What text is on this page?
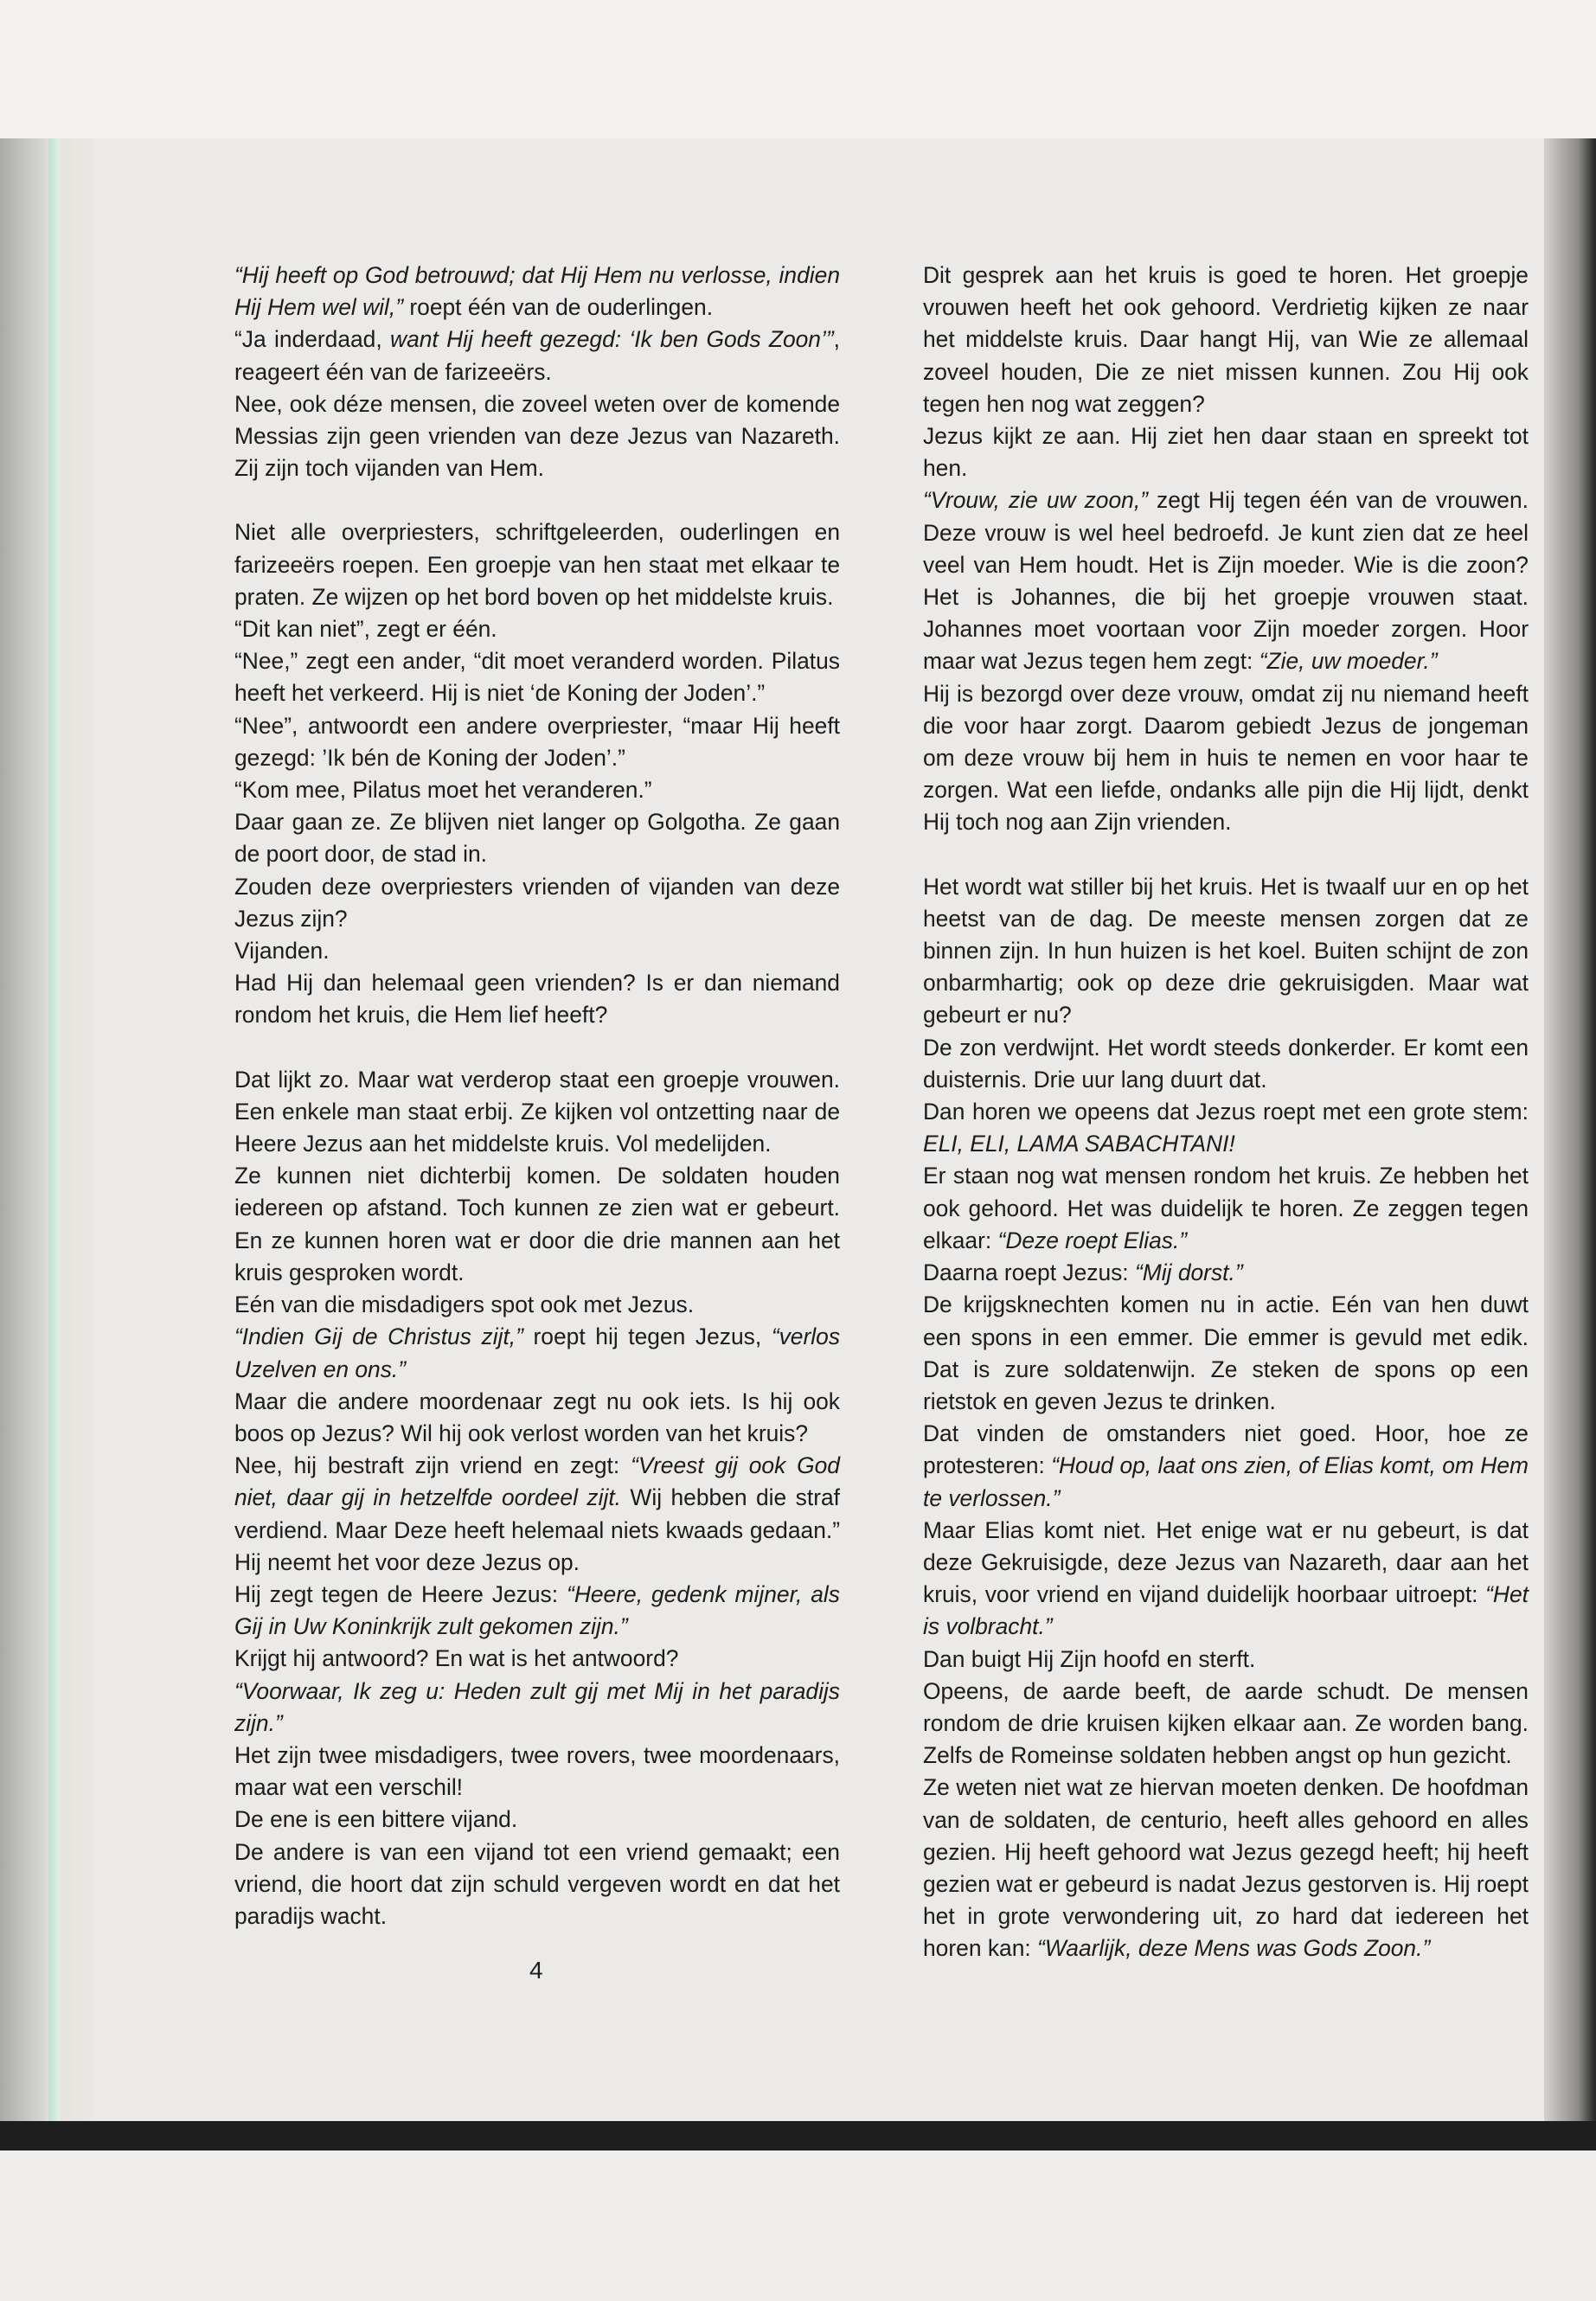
“Hij heeft op God betrouwd; dat Hij Hem nu verlosse, indien Hij Hem wel wil,” roept één van de ouderlingen.

“Ja inderdaad, want Hij heeft gezegd: ‘Ik ben Gods Zoon’”, reageert één van de farizeeërs.

Nee, ook déze mensen, die zoveel weten over de komende Messias zijn geen vrienden van deze Jezus van Nazareth. Zij zijn toch vijanden van Hem.

Niet alle overpriesters, schriftgeleerden, ouderlingen en farizeeërs roepen. Een groepje van hen staat met elkaar te praten. Ze wijzen op het bord boven op het middelste kruis.

“Dit kan niet”, zegt er één.

“Nee,” zegt een ander, “dit moet veranderd worden. Pilatus heeft het verkeerd. Hij is niet ‘de Koning der Joden’.”

“Nee”, antwoordt een andere overpriester, “maar Hij heeft gezegd: ’Ik bén de Koning der Joden’.”

“Kom mee, Pilatus moet het veranderen.”

Daar gaan ze. Ze blijven niet langer op Golgotha. Ze gaan de poort door, de stad in.

Zouden deze overpriesters vrienden of vijanden van deze Jezus zijn?

Vijanden.

Had Hij dan helemaal geen vrienden? Is er dan niemand rondom het kruis, die Hem lief heeft?

Dat lijkt zo. Maar wat verderop staat een groepje vrouwen. Een enkele man staat erbij. Ze kijken vol ontzetting naar de Heere Jezus aan het middelste kruis. Vol medelijden.

Ze kunnen niet dichterbij komen. De soldaten houden iedereen op afstand. Toch kunnen ze zien wat er gebeurt. En ze kunnen horen wat er door die drie mannen aan het kruis gesproken wordt.

Eén van die misdadigers spot ook met Jezus.

“Indien Gij de Christus zijt,” roept hij tegen Jezus, “verlos Uzelven en ons.”

Maar die andere moordenaar zegt nu ook iets. Is hij ook boos op Jezus? Wil hij ook verlost worden van het kruis?

Nee, hij bestraft zijn vriend en zegt: “Vreest gij ook God niet, daar gij in hetzelfde oordeel zijt. Wij hebben die straf verdiend. Maar Deze heeft helemaal niets kwaads gedaan.” Hij neemt het voor deze Jezus op.

Hij zegt tegen de Heere Jezus: “Heere, gedenk mijner, als Gij in Uw Koninkrijk zult gekomen zijn.”

Krijgt hij antwoord? En wat is het antwoord?

“Voorwaar, Ik zeg u: Heden zult gij met Mij in het paradijs zijn.”

Het zijn twee misdadigers, twee rovers, twee moordenaars, maar wat een verschil!

De ene is een bittere vijand.

De andere is van een vijand tot een vriend gemaakt; een vriend, die hoort dat zijn schuld vergeven wordt en dat het paradijs wacht.

Dit gesprek aan het kruis is goed te horen. Het groepje vrouwen heeft het ook gehoord. Verdrietig kijken ze naar het middelste kruis. Daar hangt Hij, van Wie ze allemaal zoveel houden, Die ze niet missen kunnen. Zou Hij ook tegen hen nog wat zeggen?

Jezus kijkt ze aan. Hij ziet hen daar staan en spreekt tot hen.

“Vrouw, zie uw zoon,” zegt Hij tegen één van de vrouwen. Deze vrouw is wel heel bedroefd. Je kunt zien dat ze heel veel van Hem houdt. Het is Zijn moeder. Wie is die zoon? Het is Johannes, die bij het groepje vrouwen staat. Johannes moet voortaan voor Zijn moeder zorgen. Hoor maar wat Jezus tegen hem zegt: “Zie, uw moeder.”

Hij is bezorgd over deze vrouw, omdat zij nu niemand heeft die voor haar zorgt. Daarom gebiedt Jezus de jongeman om deze vrouw bij hem in huis te nemen en voor haar te zorgen. Wat een liefde, ondanks alle pijn die Hij lijdt, denkt Hij toch nog aan Zijn vrienden.

Het wordt wat stiller bij het kruis. Het is twaalf uur en op het heetst van de dag. De meeste mensen zorgen dat ze binnen zijn. In hun huizen is het koel. Buiten schijnt de zon onbarmhartig; ook op deze drie gekruisigden. Maar wat gebeurt er nu?

De zon verdwijnt. Het wordt steeds donkerder. Er komt een duisternis. Drie uur lang duurt dat.

Dan horen we opeens dat Jezus roept met een grote stem: ELI, ELI, LAMA SABACHTANI!

Er staan nog wat mensen rondom het kruis. Ze hebben het ook gehoord. Het was duidelijk te horen. Ze zeggen tegen elkaar: “Deze roept Elias.”

Daarna roept Jezus: “Mij dorst.”

De krijgsknechten komen nu in actie. Eén van hen duwt een spons in een emmer. Die emmer is gevuld met edik. Dat is zure soldatenwijn. Ze steken de spons op een rietstok en geven Jezus te drinken.

Dat vinden de omstanders niet goed. Hoor, hoe ze protesteren: “Houd op, laat ons zien, of Elias komt, om Hem te verlossen.”

Maar Elias komt niet. Het enige wat er nu gebeurt, is dat deze Gekruisigde, deze Jezus van Nazareth, daar aan het kruis, voor vriend en vijand duidelijk hoorbaar uitroept: “Het is volbracht.”

Dan buigt Hij Zijn hoofd en sterft.

Opeens, de aarde beeft, de aarde schudt. De mensen rondom de drie kruisen kijken elkaar aan. Ze worden bang. Zelfs de Romeinse soldaten hebben angst op hun gezicht.

Ze weten niet wat ze hiervan moeten denken. De hoofdman van de soldaten, de centurio, heeft alles gehoord en alles gezien. Hij heeft gehoord wat Jezus gezegd heeft; hij heeft gezien wat er gebeurd is nadat Jezus gestorven is. Hij roept het in grote verwondering uit, zo hard dat iedereen het horen kan: “Waarlijk, deze Mens was Gods Zoon.”

4
